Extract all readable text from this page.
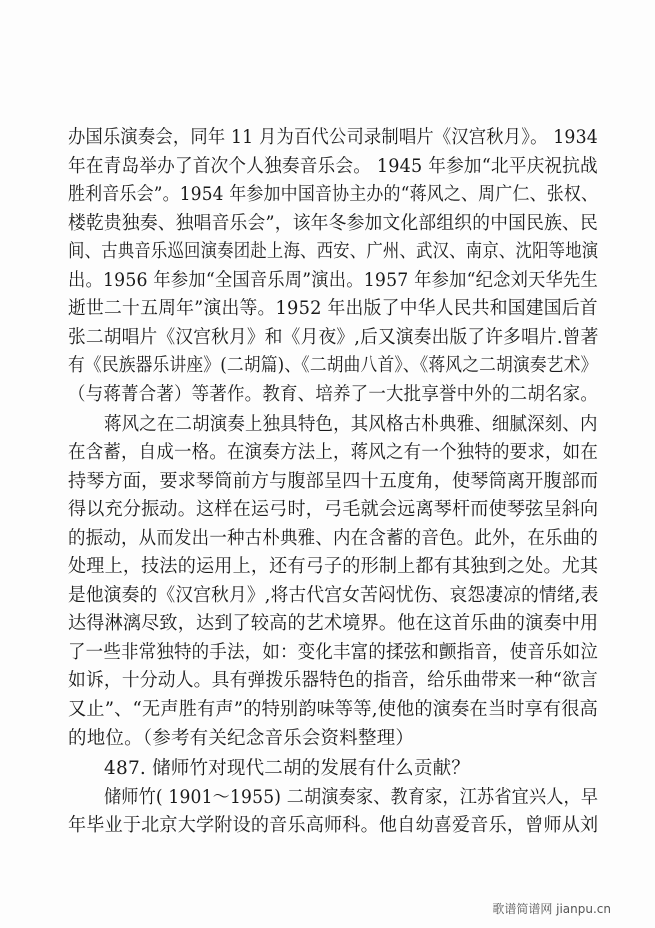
办国乐演奏会，同年 11 月为百代公司录制唱片《汉宫秋月》。 1934
年在青岛举办了首次个人独奏音乐会。 1945 年参加“北平庆祝抗战
胜利音乐会”。1954 年参加中国音协主办的“蒋风之、周广仁、张权、
楼乾贵独奏、独唱音乐会”，该年冬参加文化部组织的中国民族、民
间、古典音乐巡回演奏团赴上海、西安、广州、武汉、南京、沈阳等地演
出。1956 年参加“全国音乐周”演出。1957 年参加“纪念刘天华先生
逝世二十五周年”演出等。1952 年出版了中华人民共和国建国后首
张二胡唱片《汉宫秋月》和《月夜》,后又演奏出版了许多唱片.曾著
有《民族器乐讲座》(二胡篇)、《二胡曲八首》、《蒋风之二胡演奏艺术》
（与蒋菁合著）等著作。教育、培养了一大批享誉中外的二胡名家。
蒋风之在二胡演奏上独具特色，其风格古朴典雅、细腻深刻、内
在含蓄，自成一格。在演奏方法上，蒋风之有一个独特的要求，如在
持琴方面，要求琴筒前方与腹部呈四十五度角，使琴筒离开腹部而
得以充分振动。这样在运弓时，弓毛就会远离琴杆而使琴弦呈斜向
的振动，从而发出一种古朴典雅、内在含蓄的音色。此外，在乐曲的
处理上，技法的运用上，还有弓子的形制上都有其独到之处。尤其
是他演奏的《汉宫秋月》,将古代宫女苦闷忧伤、哀怨凄凉的情绪,表
达得淋漓尽致，达到了较高的艺术境界。他在这首乐曲的演奏中用
了一些非常独特的手法，如：变化丰富的揉弦和颤指音，使音乐如泣
如诉，十分动人。具有弹拨乐器特色的指音，给乐曲带来一种“欲言
又止”、“无声胜有声”的特别韵味等等,使他的演奏在当时享有很高
的地位。（参考有关纪念音乐会资料整理）
487. 储师竹对现代二胡的发展有什么贡献？
储师竹( 1901～1955) 二胡演奏家、教育家，江苏省宜兴人，早
年毕业于北京大学附设的音乐高师科。他自幼喜爱音乐，曾师从刘
歌谱简谱网 jianpu.cn
